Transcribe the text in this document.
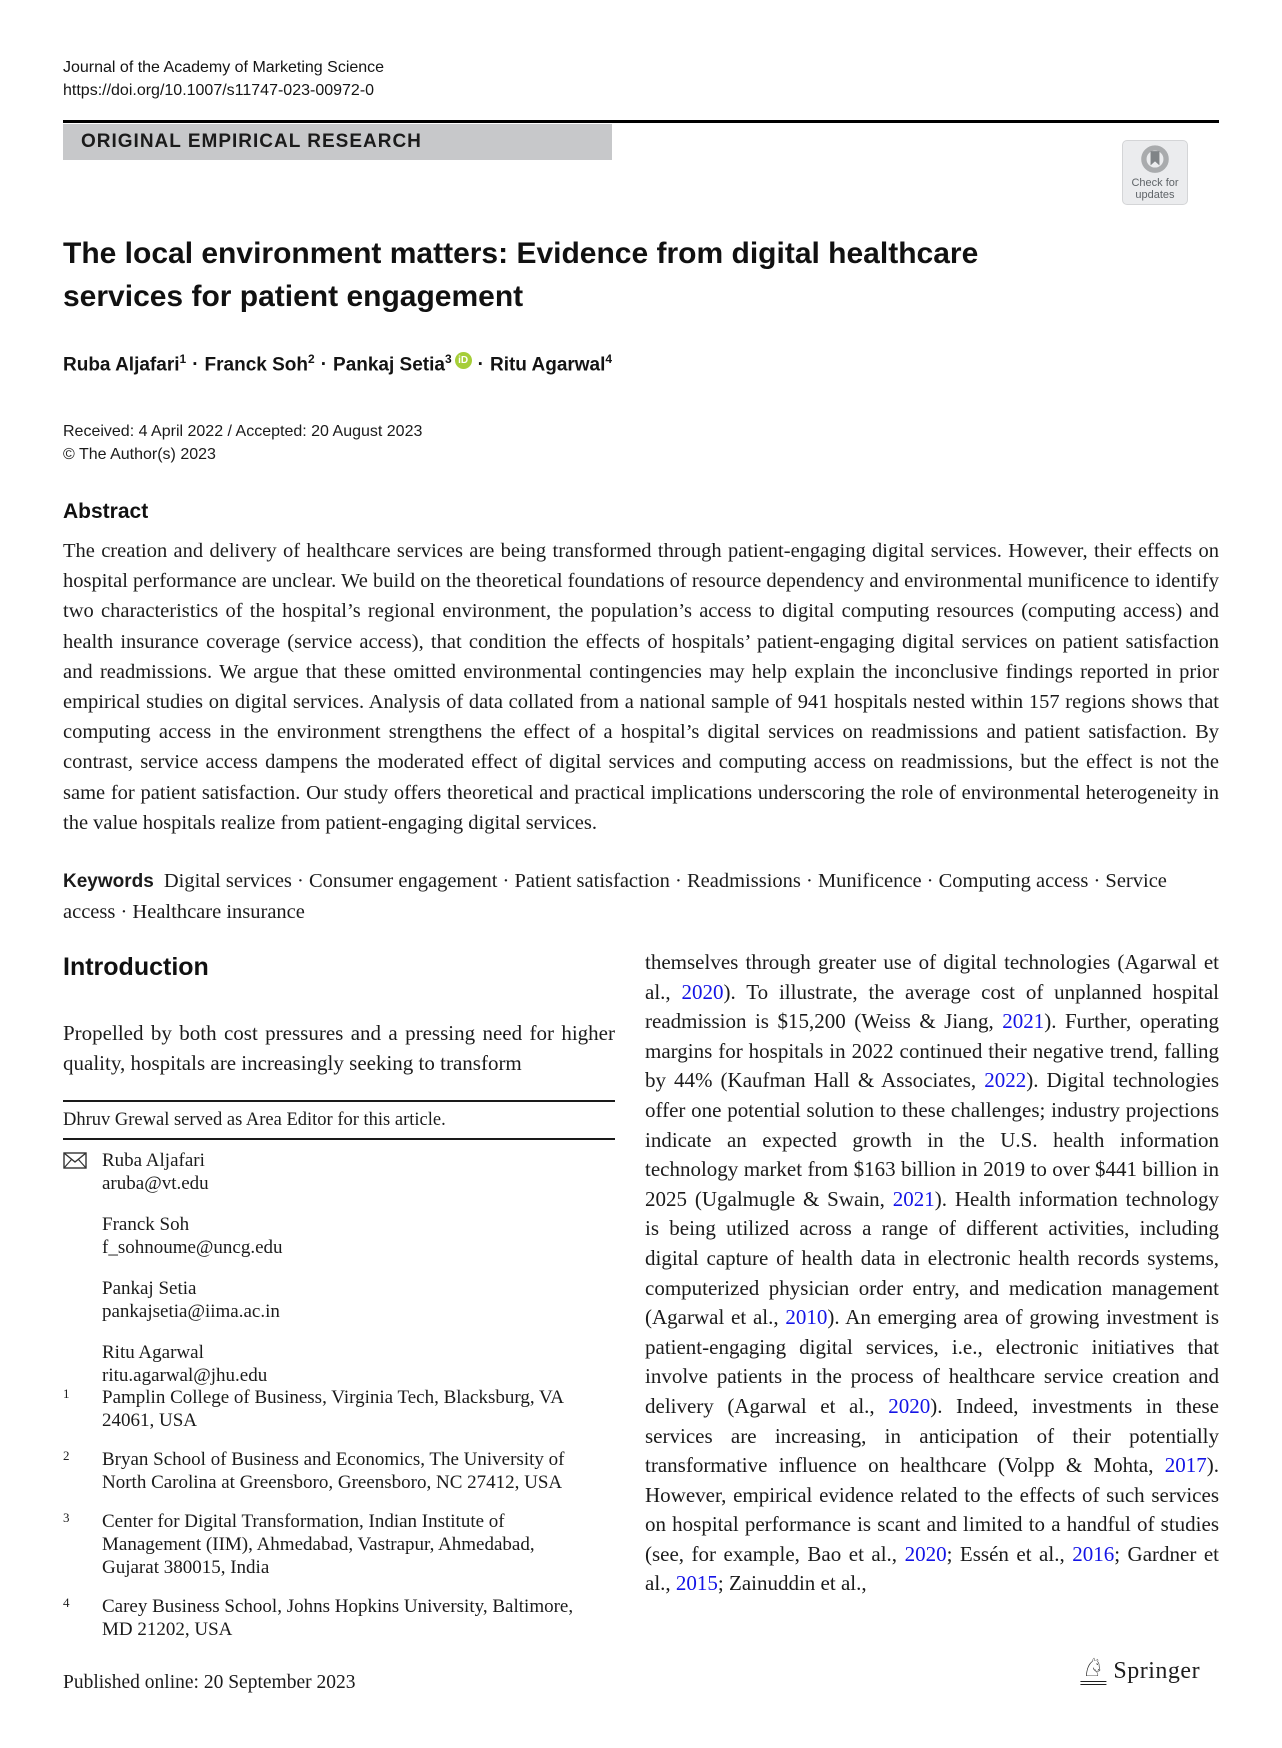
Journal of the Academy of Marketing Science
https://doi.org/10.1007/s11747-023-00972-0
ORIGINAL EMPIRICAL RESEARCH
Check for
updates
The local environment matters: Evidence from digital healthcare
services for patient engagement
Ruba Aljafari$^1$ · Franck Soh$^2$ · Pankaj Setia$^3$ iD · Ritu Agarwal$^4$
Received: 4 April 2022 / Accepted: 20 August 2023
© The Author(s) 2023
Abstract
The creation and delivery of healthcare services are being transformed through patient-engaging digital services. However, their effects on hospital performance are unclear. We build on the theoretical foundations of resource dependency and environmental munificence to identify two characteristics of the hospital’s regional environment, the population’s access to digital computing resources (computing access) and health insurance coverage (service access), that condition the effects of hospitals’ patient-engaging digital services on patient satisfaction and readmissions. We argue that these omitted environmental contingencies may help explain the inconclusive findings reported in prior empirical studies on digital services. Analysis of data collated from a national sample of 941 hospitals nested within 157 regions shows that computing access in the environment strengthens the effect of a hospital’s digital services on readmissions and patient satisfaction. By contrast, service access dampens the moderated effect of digital services and computing access on readmissions, but the effect is not the same for patient satisfaction. Our study offers theoretical and practical implications underscoring the role of environmental heterogeneity in the value hospitals realize from patient-engaging digital services.
Keywords Digital services · Consumer engagement · Patient satisfaction · Readmissions · Munificence · Computing access · Service access · Healthcare insurance
Introduction
Propelled by both cost pressures and a pressing need for higher quality, hospitals are increasingly seeking to transform
themselves through greater use of digital technologies (Agarwal et al., 2020). To illustrate, the average cost of unplanned hospital readmission is $15,200 (Weiss & Jiang, 2021). Further, operating margins for hospitals in 2022 continued their negative trend, falling by 44% (Kaufman Hall & Associates, 2022). Digital technologies offer one potential solution to these challenges; industry projections indicate an expected growth in the U.S. health information technology market from $163 billion in 2019 to over $441 billion in 2025 (Ugalmugle & Swain, 2021). Health information technology is being utilized across a range of different activities, including digital capture of health data in electronic health records systems, computerized physician order entry, and medication management (Agarwal et al., 2010). An emerging area of growing investment is patient-engaging digital services, i.e., electronic initiatives that involve patients in the process of healthcare service creation and delivery (Agarwal et al., 2020). Indeed, investments in these services are increasing, in anticipation of their potentially transformative influence on healthcare (Volpp & Mohta, 2017). However, empirical evidence related to the effects of such services on hospital performance is scant and limited to a handful of studies (see, for example, Bao et al., 2020; Essén et al., 2016; Gardner et al., 2015; Zainuddin et al.,
Dhruv Grewal served as Area Editor for this article.
Ruba Aljafari
aruba@vt.edu
Franck Soh
f_sohnoume@uncg.edu
Pankaj Setia
pankajsetia@iima.ac.in
Ritu Agarwal
ritu.agarwal@jhu.edu
1	Pamplin College of Business, Virginia Tech, Blacksburg, VA 24061, USA
2	Bryan School of Business and Economics, The University of North Carolina at Greensboro, Greensboro, NC 27412, USA
3	Center for Digital Transformation, Indian Institute of Management (IIM), Ahmedabad, Vastrapur, Ahmedabad, Gujarat 380015, India
4	Carey Business School, Johns Hopkins University, Baltimore, MD 21202, USA
Published online: 20 September 2023
♘ Springer
